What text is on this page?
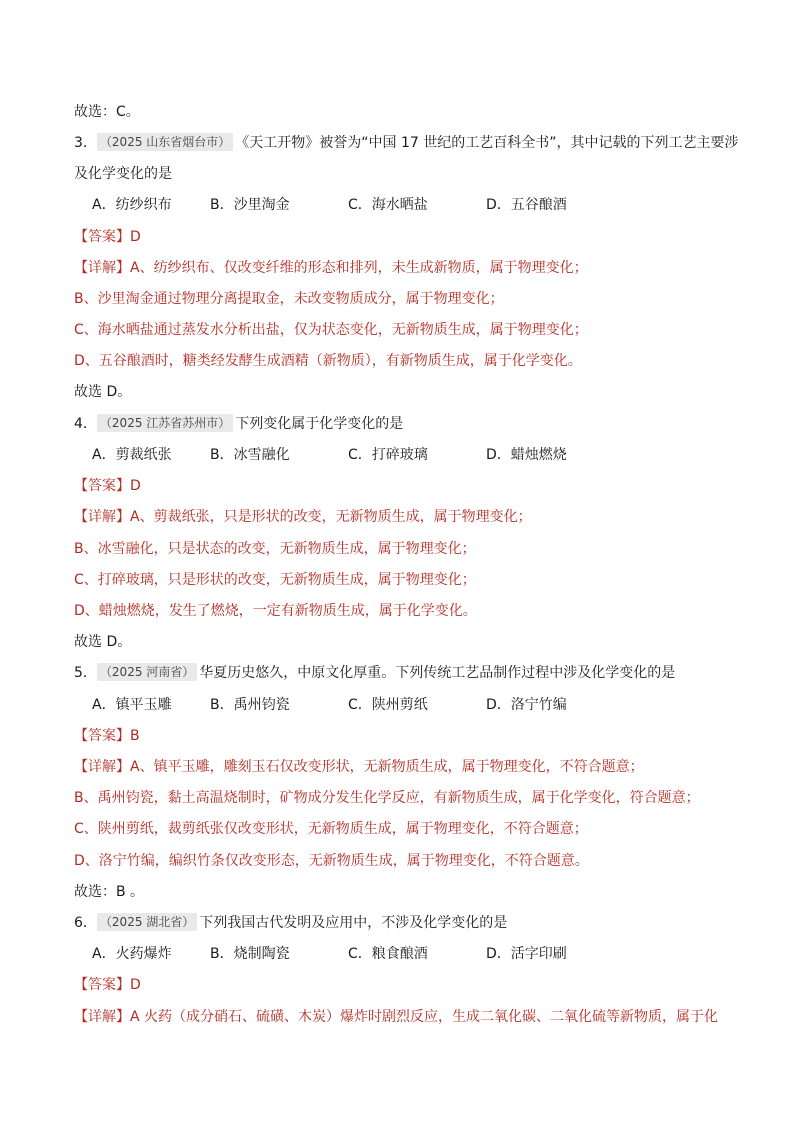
故选：C。
3． （2025 山东省烟台市） 《天工开物》被誉为“中国 17 世纪的工艺百科全书”，其中记载的下列工艺主要涉
及化学变化的是
A．纺纱织布	B．沙里淘金	C．海水晒盐	D．五谷酿酒
【答案】D
【详解】A、纺纱织布、仅改变纤维的形态和排列，未生成新物质，属于物理变化；
B、沙里淘金通过物理分离提取金，未改变物质成分，属于物理变化；
C、海水晒盐通过蒸发水分析出盐，仅为状态变化，无新物质生成，属于物理变化；
D、五谷酿酒时，糖类经发酵生成酒精（新物质），有新物质生成，属于化学变化。
故选 D。
4． （2025 江苏省苏州市） 下列变化属于化学变化的是
A．剪裁纸张	B．冰雪融化	C．打碎玻璃	D．蜡烛燃烧
【答案】D
【详解】A、剪裁纸张，只是形状的改变，无新物质生成，属于物理变化；
B、冰雪融化，只是状态的改变，无新物质生成，属于物理变化；
C、打碎玻璃，只是形状的改变，无新物质生成，属于物理变化；
D、蜡烛燃烧，发生了燃烧，一定有新物质生成，属于化学变化。
故选 D。
5． （2025 河南省） 华夏历史悠久，中原文化厚重。下列传统工艺品制作过程中涉及化学变化的是
A．镇平玉雕	B．禹州钧瓷	C．陕州剪纸	D．洛宁竹编
【答案】B
【详解】A、镇平玉雕，雕刻玉石仅改变形状，无新物质生成，属于物理变化，不符合题意；
B、禹州钧瓷，黏土高温烧制时，矿物成分发生化学反应，有新物质生成，属于化学变化，符合题意；
C、陕州剪纸，裁剪纸张仅改变形状，无新物质生成，属于物理变化，不符合题意；
D、洛宁竹编，编织竹条仅改变形态，无新物质生成，属于物理变化，不符合题意。
故选：B 。
6． （2025 湖北省） 下列我国古代发明及应用中，不涉及化学变化的是
A．火药爆炸	B．烧制陶瓷	C．粮食酿酒	D．活字印刷
【答案】D
【详解】A 火药（成分硝石、硫磺、木炭）爆炸时剧烈反应，生成二氧化碳、二氧化硫等新物质，属于化
